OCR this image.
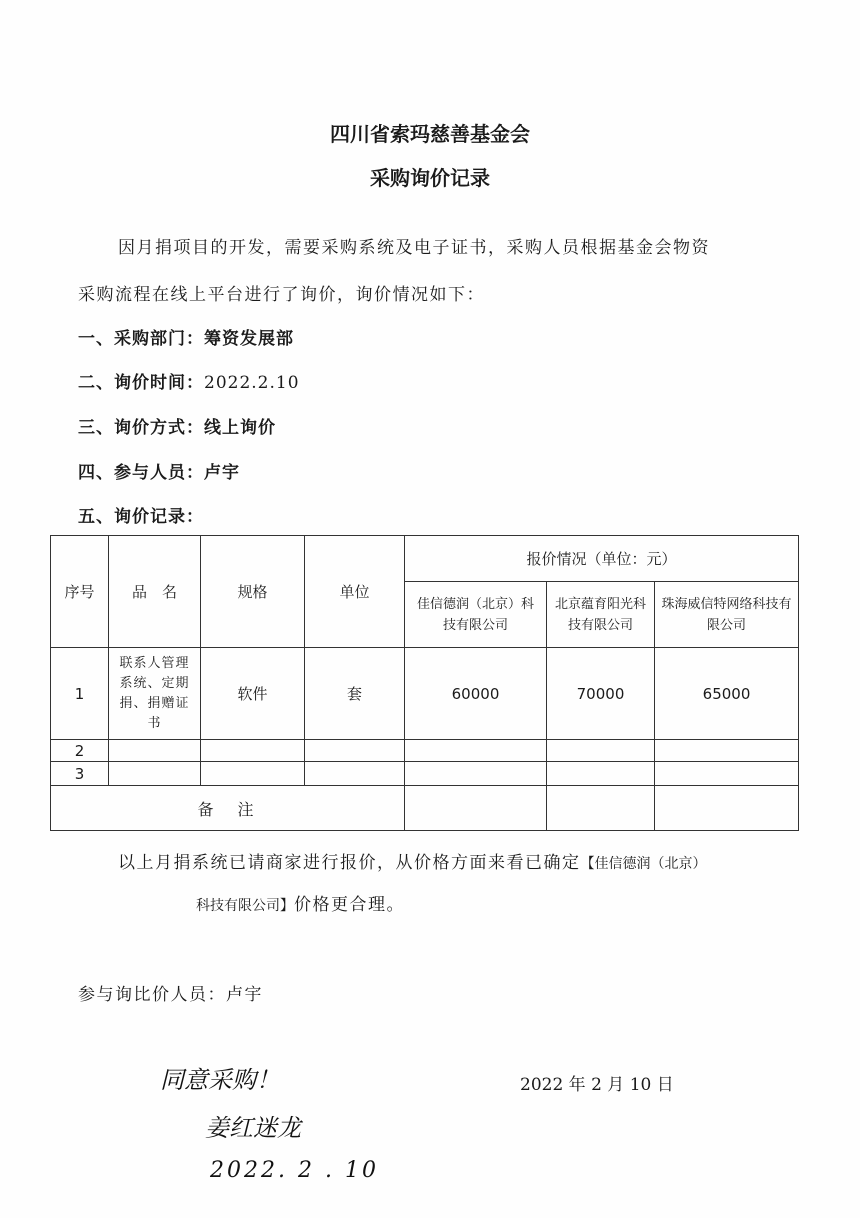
四川省索玛慈善基金会
采购询价记录
因月捐项目的开发，需要采购系统及电子证书，采购人员根据基金会物资
采购流程在线上平台进行了询价，询价情况如下：
一、采购部门：筹资发展部
二、询价时间：2022.2.10
三、询价方式：线上询价
四、参与人员：卢宇
五、询价记录：
序号	品　名	规格	单位	报价情况（单位：元）		
				佳信德润（北京）科技有限公司	北京蕴育阳光科技有限公司	珠海威信特网络科技有限公司
1	联系人管理系统、定期捐、捐赠证书	软件	套	60000	70000	65000
2						
3						
备　注						
以上月捐系统已请商家进行报价，从价格方面来看已确定【佳信德润（北京）
科技有限公司】价格更合理。
参与询比价人员：卢宇
2022 年 2 月 10 日
同意采购！
姜红迷龙
2022. 2 . 10
